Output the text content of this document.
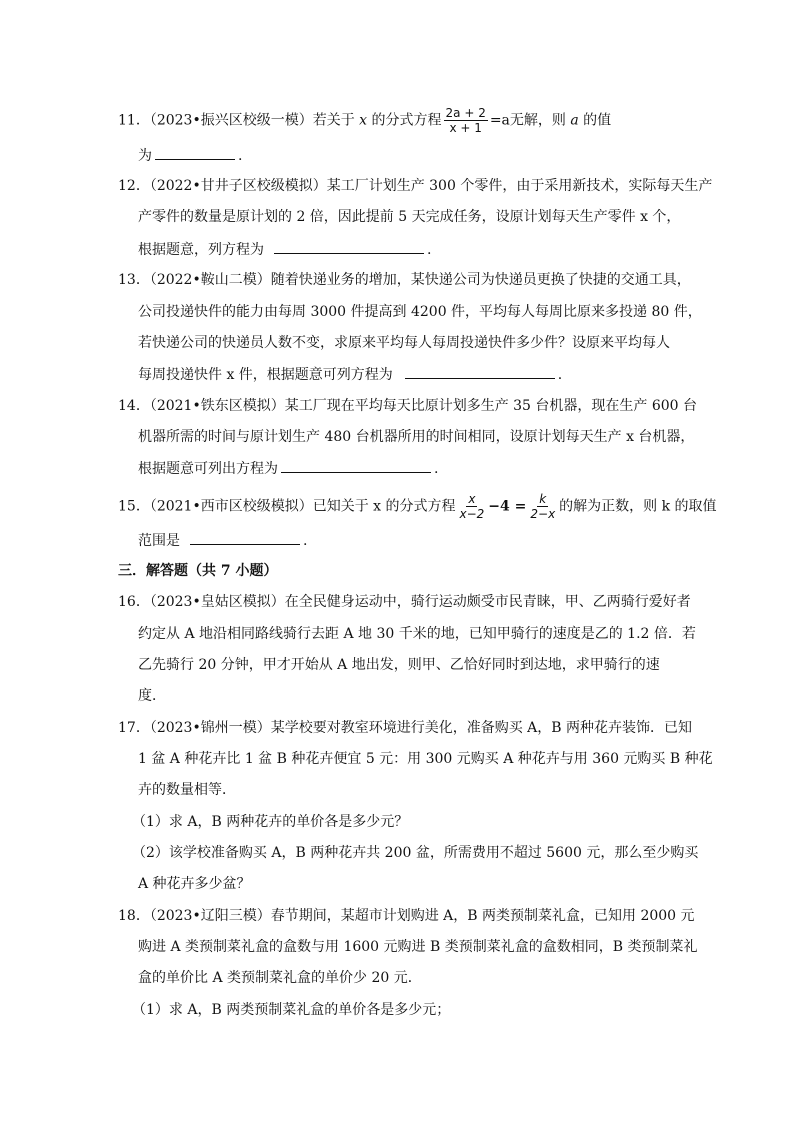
11．（2023•振兴区校级一模）若关于 x 的分式方程 $\frac{2a + 2}{x + 1} =a$无解，则 a 的值
为	.
12．（2022•甘井子区校级模拟）某工厂计划生产 300 个零件，由于采用新技术，实际每天生产
产零件的数量是原计划的 2 倍，因此提前 5 天完成任务，设原计划每天生产零件 x 个，
根据题意，列方程为	.
13．（2022•鞍山二模）随着快递业务的增加，某快递公司为快递员更换了快捷的交通工具，
公司投递快件的能力由每周 3000 件提高到 4200 件，平均每人每周比原来多投递 80 件，
若快递公司的快递员人数不变，求原来平均每人每周投递快件多少件？设原来平均每人
每周投递快件 x 件，根据题意可列方程为	.
14．（2021•铁东区模拟）某工厂现在平均每天比原计划多生产 35 台机器，现在生产 600 台
机器所需的时间与原计划生产 480 台机器所用的时间相同，设原计划每天生产 x 台机器，
根据题意可列出方程为	.
15．（2021•西市区校级模拟）已知关于 x 的分式方程 $\frac{x}{x-2} -4 = \frac{k}{2-x}$ 的解为正数，则 k 的取值
范围是	.
三．解答题（共 7 小题）
16．（2023•皇姑区模拟）在全民健身运动中，骑行运动颇受市民青睐，甲、乙两骑行爱好者
约定从 A 地沿相同路线骑行去距 A 地 30 千米的地，已知甲骑行的速度是乙的 1.2 倍．若
乙先骑行 20 分钟，甲才开始从 A 地出发，则甲、乙恰好同时到达地，求甲骑行的速
度．
17．（2023•锦州一模）某学校要对教室环境进行美化，准备购买 A，B 两种花卉装饰．已知
1 盆 A 种花卉比 1 盆 B 种花卉便宜 5 元：用 300 元购买 A 种花卉与用 360 元购买 B 种花
卉的数量相等．
（1）求 A，B 两种花卉的单价各是多少元？
（2）该学校准备购买 A，B 两种花卉共 200 盆，所需费用不超过 5600 元，那么至少购买
A 种花卉多少盆？
18．（2023•辽阳三模）春节期间，某超市计划购进 A，B 两类预制菜礼盒，已知用 2000 元
购进 A 类预制菜礼盒的盒数与用 1600 元购进 B 类预制菜礼盒的盒数相同，B 类预制菜礼
盒的单价比 A 类预制菜礼盒的单价少 20 元．
（1）求 A，B 两类预制菜礼盒的单价各是多少元；
